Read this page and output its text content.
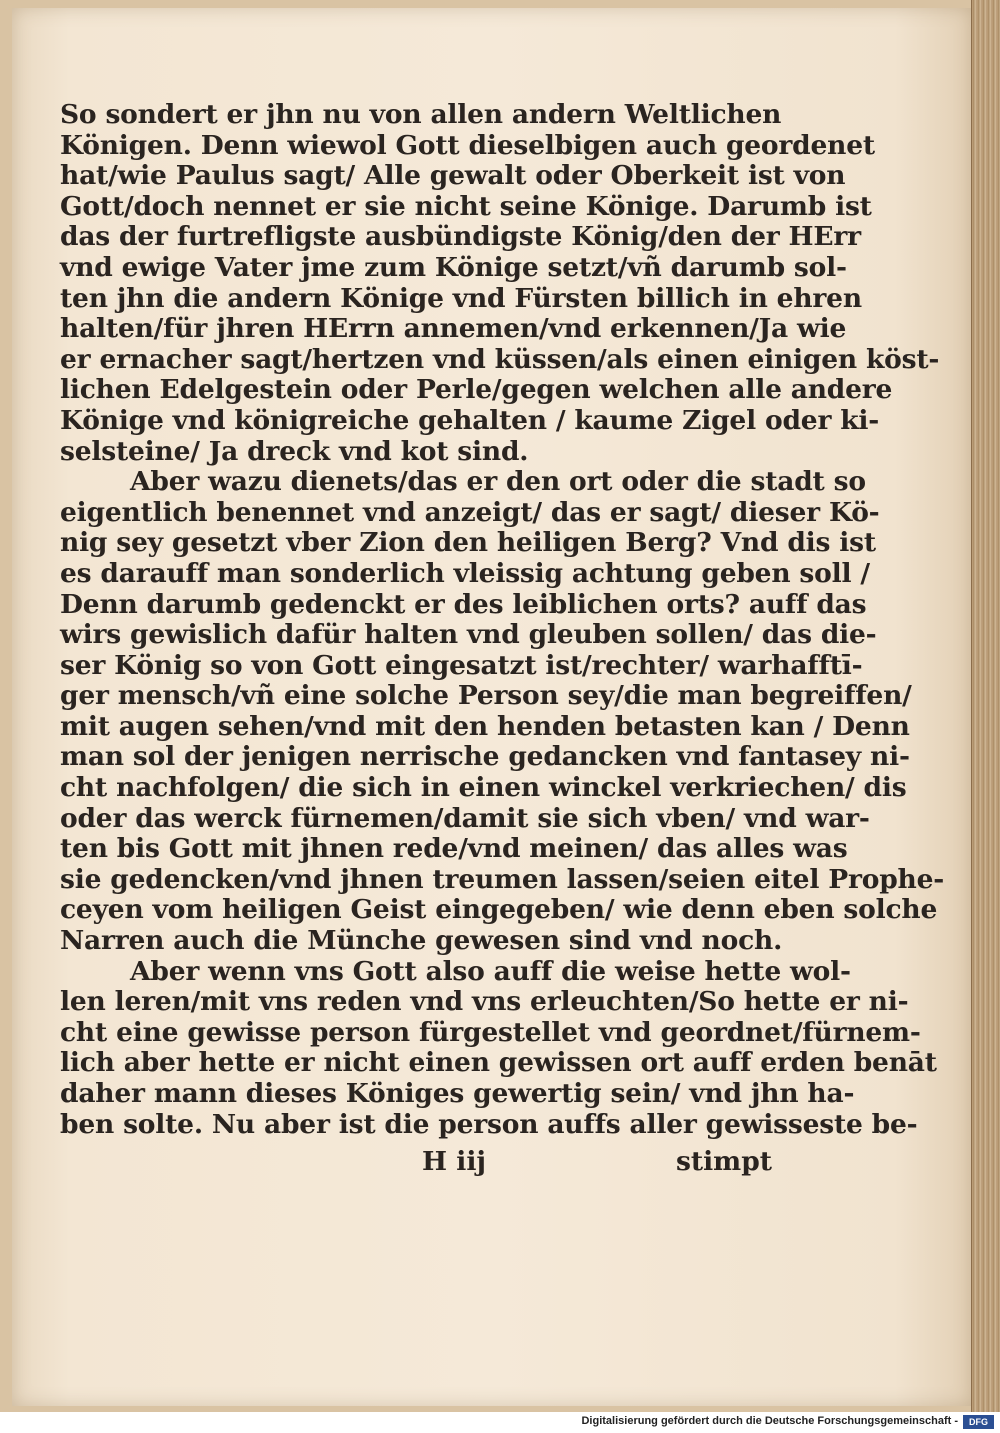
So sondert er jhn nu von allen andern Weltlichen
Königen. Denn wiewol Gott dieselbigen auch geordenet
hat/wie Paulus sagt/ Alle gewalt oder Oberkeit ist von
Gott/doch nennet er sie nicht seine Könige. Darumb ist
das der furtrefligste ausbündigste König/den der HErr
vnd ewige Vater jme zum Könige setzt/vñ darumb sol-
ten jhn die andern Könige vnd Fürsten billich in ehren
halten/für jhren HErrn annemen/vnd erkennen/Ja wie
er ernacher sagt/hertzen vnd küssen/als einen einigen köst-
lichen Edelgestein oder Perle/gegen welchen alle andere
Könige vnd königreiche gehalten / kaume Zigel oder ki-
selsteine/ Ja dreck vnd kot sind.
Aber wazu dienets/das er den ort oder die stadt so
eigentlich benennet vnd anzeigt/ das er sagt/ dieser Kö-
nig sey gesetzt vber Zion den heiligen Berg? Vnd dis ist
es darauff man sonderlich vleissig achtung geben soll /
Denn darumb gedenckt er des leiblichen orts? auff das
wirs gewislich dafür halten vnd gleuben sollen/ das die-
ser König so von Gott eingesatzt ist/rechter/ warhafftī-
ger mensch/vñ eine solche Person sey/die man begreiffen/
mit augen sehen/vnd mit den henden betasten kan / Denn
man sol der jenigen nerrische gedancken vnd fantasey ni-
cht nachfolgen/ die sich in einen winckel verkriechen/ dis
oder das werck fürnemen/damit sie sich vben/ vnd war-
ten bis Gott mit jhnen rede/vnd meinen/ das alles was
sie gedencken/vnd jhnen treumen lassen/seien eitel Prophe-
ceyen vom heiligen Geist eingegeben/ wie denn eben solche
Narren auch die Münche gewesen sind vnd noch.
Aber wenn vns Gott also auff die weise hette wol-
len leren/mit vns reden vnd vns erleuchten/So hette er ni-
cht eine gewisse person fürgestellet vnd geordnet/fürnem-
lich aber hette er nicht einen gewissen ort auff erden benāt
daher mann dieses Königes gewertig sein/ vnd jhn ha-
ben solte. Nu aber ist die person auffs aller gewisseste be-
H iij	stimpt
Digitalisierung gefördert durch die Deutsche Forschungsgemeinschaft -	DFG
